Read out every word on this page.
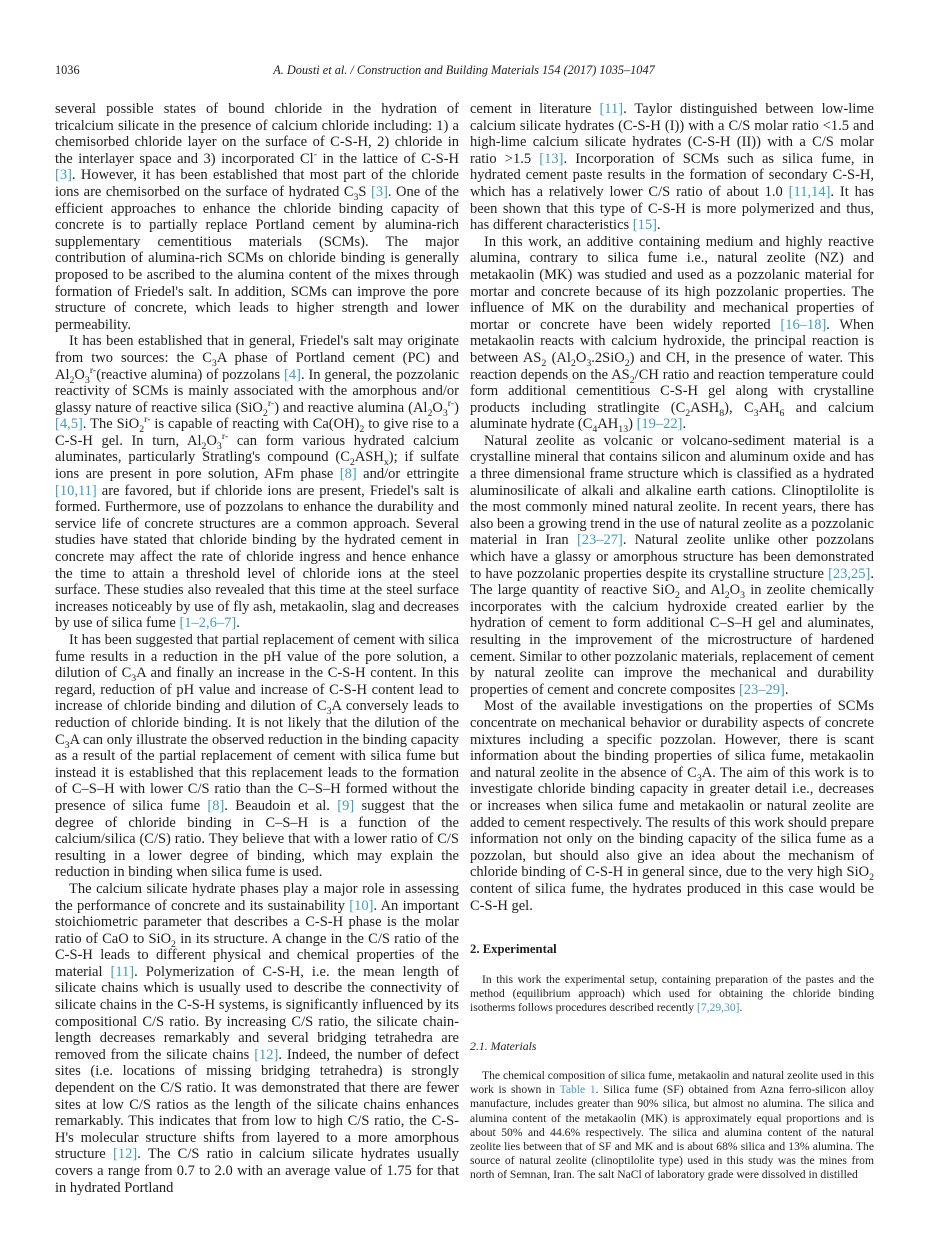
1036	A. Dousti et al. / Construction and Building Materials 154 (2017) 1035–1047

several possible states of bound chloride in the hydration of tricalcium silicate in the presence of calcium chloride including: 1) a chemisorbed chloride layer on the surface of C-S-H, 2) chloride in the interlayer space and 3) incorporated Cl- in the lattice of C-S-H [3]. However, it has been established that most part of the chloride ions are chemisorbed on the surface of hydrated $C_3S$ [3]. One of the efficient approaches to enhance the chloride binding capacity of concrete is to partially replace Portland cement by alumina-rich supplementary cementitious materials (SCMs). The major contribution of alumina-rich SCMs on chloride binding is generally proposed to be ascribed to the alumina content of the mixes through formation of Friedel's salt. In addition, SCMs can improve the pore structure of concrete, which leads to higher strength and lower permeability.

It has been established that in general, Friedel's salt may originate from two sources: the $C_3A$ phase of Portland cement (PC) and $Al_2O_3^{r-}(reactive$ alumina) of pozzolans [4]. In general, the pozzolanic reactivity of SCMs is mainly associated with the amorphous and/or glassy nature of reactive silica (SiO$_2^{r-}$) and reactive alumina $(Al_2O_3^{r-})$ [4,5]. The SiO$_2^{r-}$ is capable of reacting with $Ca(OH)_2$ to give rise to a C-S-H gel. In turn, $Al_2O_3^{r-}$ can form various hydrated calcium aluminates, particularly Stratling's compound $(C_2ASH_x)$; if sulfate ions are present in pore solution, AFm phase [8] and/or ettringite [10,11] are favored, but if chloride ions are present, Friedel's salt is formed. Furthermore, use of pozzolans to enhance the durability and service life of concrete structures are a common approach. Several studies have stated that chloride binding by the hydrated cement in concrete may affect the rate of chloride ingress and hence enhance the time to attain a threshold level of chloride ions at the steel surface. These studies also revealed that this time at the steel surface increases noticeably by use of fly ash, metakaolin, slag and decreases by use of silica fume [1–2,6–7].

It has been suggested that partial replacement of cement with silica fume results in a reduction in the pH value of the pore solution, a dilution of $C_3A$ and finally an increase in the C-S-H content. In this regard, reduction of pH value and increase of C-S-H content lead to increase of chloride binding and dilution of $C_3A$ conversely leads to reduction of chloride binding. It is not likely that the dilution of the $C_3A$ can only illustrate the observed reduction in the binding capacity as a result of the partial replacement of cement with silica fume but instead it is established that this replacement leads to the formation of C–S–H with lower C/S ratio than the C–S–H formed without the presence of silica fume [8]. Beaudoin et al. [9] suggest that the degree of chloride binding in C–S–H is a function of the calcium/silica (C/S) ratio. They believe that with a lower ratio of C/S resulting in a lower degree of binding, which may explain the reduction in binding when silica fume is used.

The calcium silicate hydrate phases play a major role in assessing the performance of concrete and its sustainability [10]. An important stoichiometric parameter that describes a C-S-H phase is the molar ratio of CaO to SiO$_2$ in its structure. A change in the C/S ratio of the C-S-H leads to different physical and chemical properties of the material [11]. Polymerization of C-S-H, i.e. the mean length of silicate chains which is usually used to describe the connectivity of silicate chains in the C-S-H systems, is significantly influenced by its compositional C/S ratio. By increasing C/S ratio, the silicate chain-length decreases remarkably and several bridging tetrahedra are removed from the silicate chains [12]. Indeed, the number of defect sites (i.e. locations of missing bridging tetrahedra) is strongly dependent on the C/S ratio. It was demonstrated that there are fewer sites at low C/S ratios as the length of the silicate chains enhances remarkably. This indicates that from low to high C/S ratio, the C-S-H's molecular structure shifts from layered to a more amorphous structure [12]. The C/S ratio in calcium silicate hydrates usually covers a range from 0.7 to 2.0 with an average value of 1.75 for that in hydrated Portland

cement in literature [11]. Taylor distinguished between low-lime calcium silicate hydrates (C-S-H (I)) with a C/S molar ratio <1.5 and high-lime calcium silicate hydrates (C-S-H (II)) with a C/S molar ratio >1.5 [13]. Incorporation of SCMs such as silica fume, in hydrated cement paste results in the formation of secondary C-S-H, which has a relatively lower C/S ratio of about 1.0 [11,14]. It has been shown that this type of C-S-H is more polymerized and thus, has different characteristics [15].

In this work, an additive containing medium and highly reactive alumina, contrary to silica fume i.e., natural zeolite (NZ) and metakaolin (MK) was studied and used as a pozzolanic material for mortar and concrete because of its high pozzolanic properties. The influence of MK on the durability and mechanical properties of mortar or concrete have been widely reported [16–18]. When metakaolin reacts with calcium hydroxide, the principal reaction is between $AS_2$ $(Al_2O_3.2SiO_2)$ and CH, in the presence of water. This reaction depends on the $AS_2/CH$ ratio and reaction temperature could form additional cementitious C-S-H gel along with crystalline products including stratlingite $(C_2ASH_8)$, $C_3AH_6$ and calcium aluminate hydrate $(C_4AH_{13})$ [19–22].

Natural zeolite as volcanic or volcano-sediment material is a crystalline mineral that contains silicon and aluminum oxide and has a three dimensional frame structure which is classified as a hydrated aluminosilicate of alkali and alkaline earth cations. Clinoptilolite is the most commonly mined natural zeolite. In recent years, there has also been a growing trend in the use of natural zeolite as a pozzolanic material in Iran [23–27]. Natural zeolite unlike other pozzolans which have a glassy or amorphous structure has been demonstrated to have pozzolanic properties despite its crystalline structure [23,25]. The large quantity of reactive SiO$_2$ and $Al_2O_3$ in zeolite chemically incorporates with the calcium hydroxide created earlier by the hydration of cement to form additional C–S–H gel and aluminates, resulting in the improvement of the microstructure of hardened cement. Similar to other pozzolanic materials, replacement of cement by natural zeolite can improve the mechanical and durability properties of cement and concrete composites [23–29].

Most of the available investigations on the properties of SCMs concentrate on mechanical behavior or durability aspects of concrete mixtures including a specific pozzolan. However, there is scant information about the binding properties of silica fume, metakaolin and natural zeolite in the absence of $C_3A$. The aim of this work is to investigate chloride binding capacity in greater detail i.e., decreases or increases when silica fume and metakaolin or natural zeolite are added to cement respectively. The results of this work should prepare information not only on the binding capacity of the silica fume as a pozzolan, but should also give an idea about the mechanism of chloride binding of C-S-H in general since, due to the very high SiO$_2$ content of silica fume, the hydrates produced in this case would be C-S-H gel.

2. Experimental

In this work the experimental setup, containing preparation of the pastes and the method (equilibrium approach) which used for obtaining the chloride binding isotherms follows procedures described recently [7,29,30].

2.1. Materials

The chemical composition of silica fume, metakaolin and natural zeolite used in this work is shown in Table 1. Silica fume (SF) obtained from Azna ferro-silicon alloy manufacture, includes greater than 90% silica, but almost no alumina. The silica and alumina content of the metakaolin (MK) is approximately equal proportions and is about 50% and 44.6% respectively. The silica and alumina content of the natural zeolite lies between that of SF and MK and is about 68% silica and 13% alumina. The source of natural zeolite (clinoptilolite type) used in this study was the mines from north of Semnan, Iran. The salt NaCl of laboratory grade were dissolved in distilled
